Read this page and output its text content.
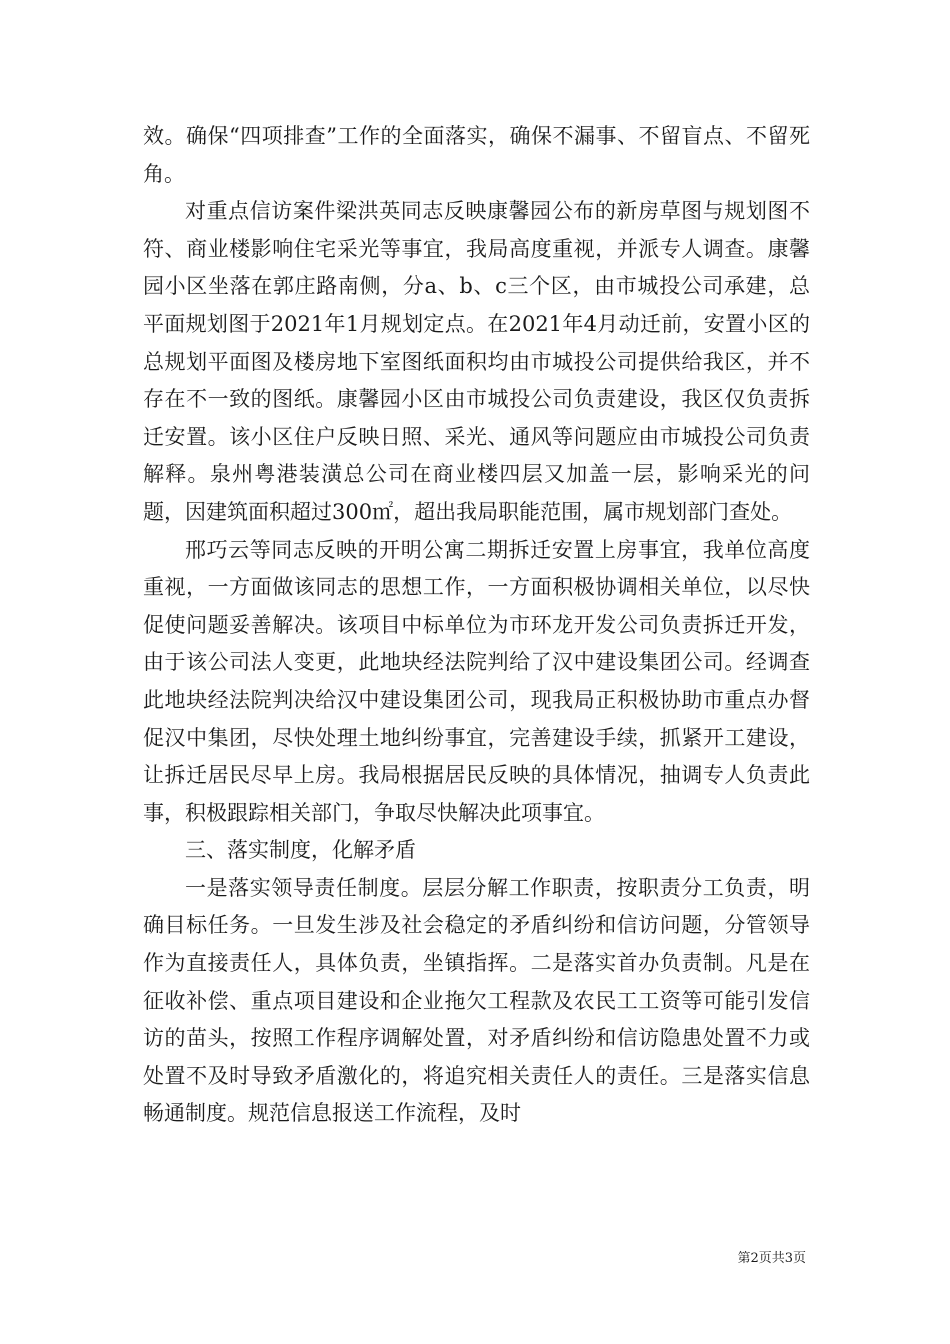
效。确保“四项排查”工作的全面落实，确保不漏事、不留盲点、不留死角。

对重点信访案件梁洪英同志反映康馨园公布的新房草图与规划图不符、商业楼影响住宅采光等事宜，我局高度重视，并派专人调查。康馨园小区坐落在郭庄路南侧，分a、b、c三个区，由市城投公司承建，总平面规划图于2021年1月规划定点。在2021年4月动迁前，安置小区的总规划平面图及楼房地下室图纸面积均由市城投公司提供给我区，并不存在不一致的图纸。康馨园小区由市城投公司负责建设，我区仅负责拆迁安置。该小区住户反映日照、采光、通风等问题应由市城投公司负责解释。泉州粤港装潢总公司在商业楼四层又加盖一层，影响采光的问题，因建筑面积超过300㎡，超出我局职能范围，属市规划部门查处。

邢巧云等同志反映的开明公寓二期拆迁安置上房事宜，我单位高度重视，一方面做该同志的思想工作，一方面积极协调相关单位，以尽快促使问题妥善解决。该项目中标单位为市环龙开发公司负责拆迁开发，由于该公司法人变更，此地块经法院判给了汉中建设集团公司。经调查此地块经法院判决给汉中建设集团公司，现我局正积极协助市重点办督促汉中集团，尽快处理土地纠纷事宜，完善建设手续，抓紧开工建设，让拆迁居民尽早上房。我局根据居民反映的具体情况，抽调专人负责此事，积极跟踪相关部门，争取尽快解决此项事宜。

三、落实制度，化解矛盾

一是落实领导责任制度。层层分解工作职责，按职责分工负责，明确目标任务。一旦发生涉及社会稳定的矛盾纠纷和信访问题，分管领导作为直接责任人，具体负责，坐镇指挥。二是落实首办负责制。凡是在征收补偿、重点项目建设和企业拖欠工程款及农民工工资等可能引发信访的苗头，按照工作程序调解处置，对矛盾纠纷和信访隐患处置不力或处置不及时导致矛盾激化的，将追究相关责任人的责任。三是落实信息畅通制度。规范信息报送工作流程，及时

第2页共3页
